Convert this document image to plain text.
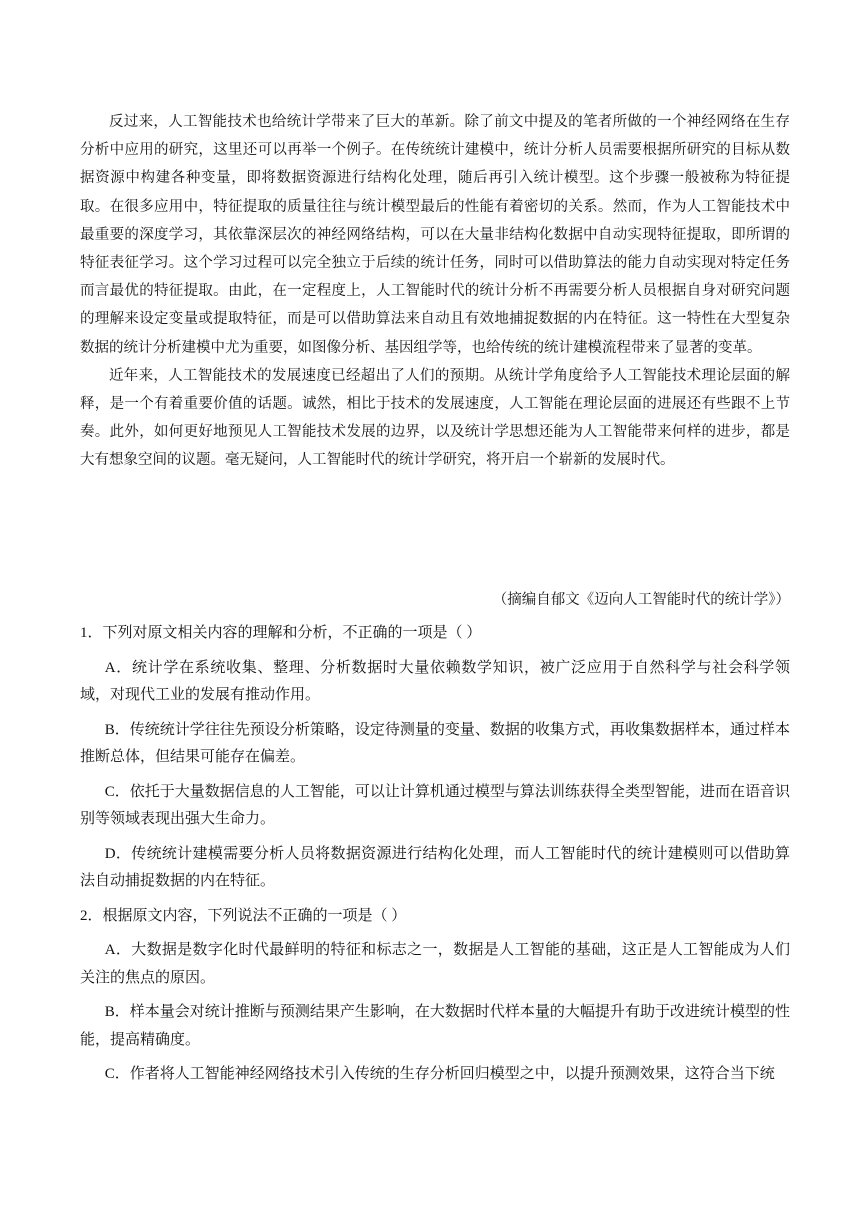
反过来，人工智能技术也给统计学带来了巨大的革新。除了前文中提及的笔者所做的一个神经网络在生存分析中应用的研究，这里还可以再举一个例子。在传统统计建模中，统计分析人员需要根据所研究的目标从数据资源中构建各种变量，即将数据资源进行结构化处理，随后再引入统计模型。这个步骤一般被称为特征提取。在很多应用中，特征提取的质量往往与统计模型最后的性能有着密切的关系。然而，作为人工智能技术中最重要的深度学习，其依靠深层次的神经网络结构，可以在大量非结构化数据中自动实现特征提取，即所谓的特征表征学习。这个学习过程可以完全独立于后续的统计任务，同时可以借助算法的能力自动实现对特定任务而言最优的特征提取。由此，在一定程度上，人工智能时代的统计分析不再需要分析人员根据自身对研究问题的理解来设定变量或提取特征，而是可以借助算法来自动且有效地捕捉数据的内在特征。这一特性在大型复杂数据的统计分析建模中尤为重要，如图像分析、基因组学等，也给传统的统计建模流程带来了显著的变革。

近年来，人工智能技术的发展速度已经超出了人们的预期。从统计学角度给予人工智能技术理论层面的解释，是一个有着重要价值的话题。诚然，相比于技术的发展速度，人工智能在理论层面的进展还有些跟不上节奏。此外，如何更好地预见人工智能技术发展的边界，以及统计学思想还能为人工智能带来何样的进步，都是大有想象空间的议题。毫无疑问，人工智能时代的统计学研究，将开启一个崭新的发展时代。

（摘编自郁文《迈向人工智能时代的统计学》）

1．下列对原文相关内容的理解和分析，不正确的一项是（ ）

A．统计学在系统收集、整理、分析数据时大量依赖数学知识，被广泛应用于自然科学与社会科学领域，对现代工业的发展有推动作用。

B．传统统计学往往先预设分析策略，设定待测量的变量、数据的收集方式，再收集数据样本，通过样本推断总体，但结果可能存在偏差。

C．依托于大量数据信息的人工智能，可以让计算机通过模型与算法训练获得全类型智能，进而在语音识别等领域表现出强大生命力。

D．传统统计建模需要分析人员将数据资源进行结构化处理，而人工智能时代的统计建模则可以借助算法自动捕捉数据的内在特征。

2．根据原文内容，下列说法不正确的一项是（ ）

A．大数据是数字化时代最鲜明的特征和标志之一，数据是人工智能的基础，这正是人工智能成为人们关注的焦点的原因。

B．样本量会对统计推断与预测结果产生影响，在大数据时代样本量的大幅提升有助于改进统计模型的性能，提高精确度。

C．作者将人工智能神经网络技术引入传统的生存分析回归模型之中，以提升预测效果，这符合当下统
